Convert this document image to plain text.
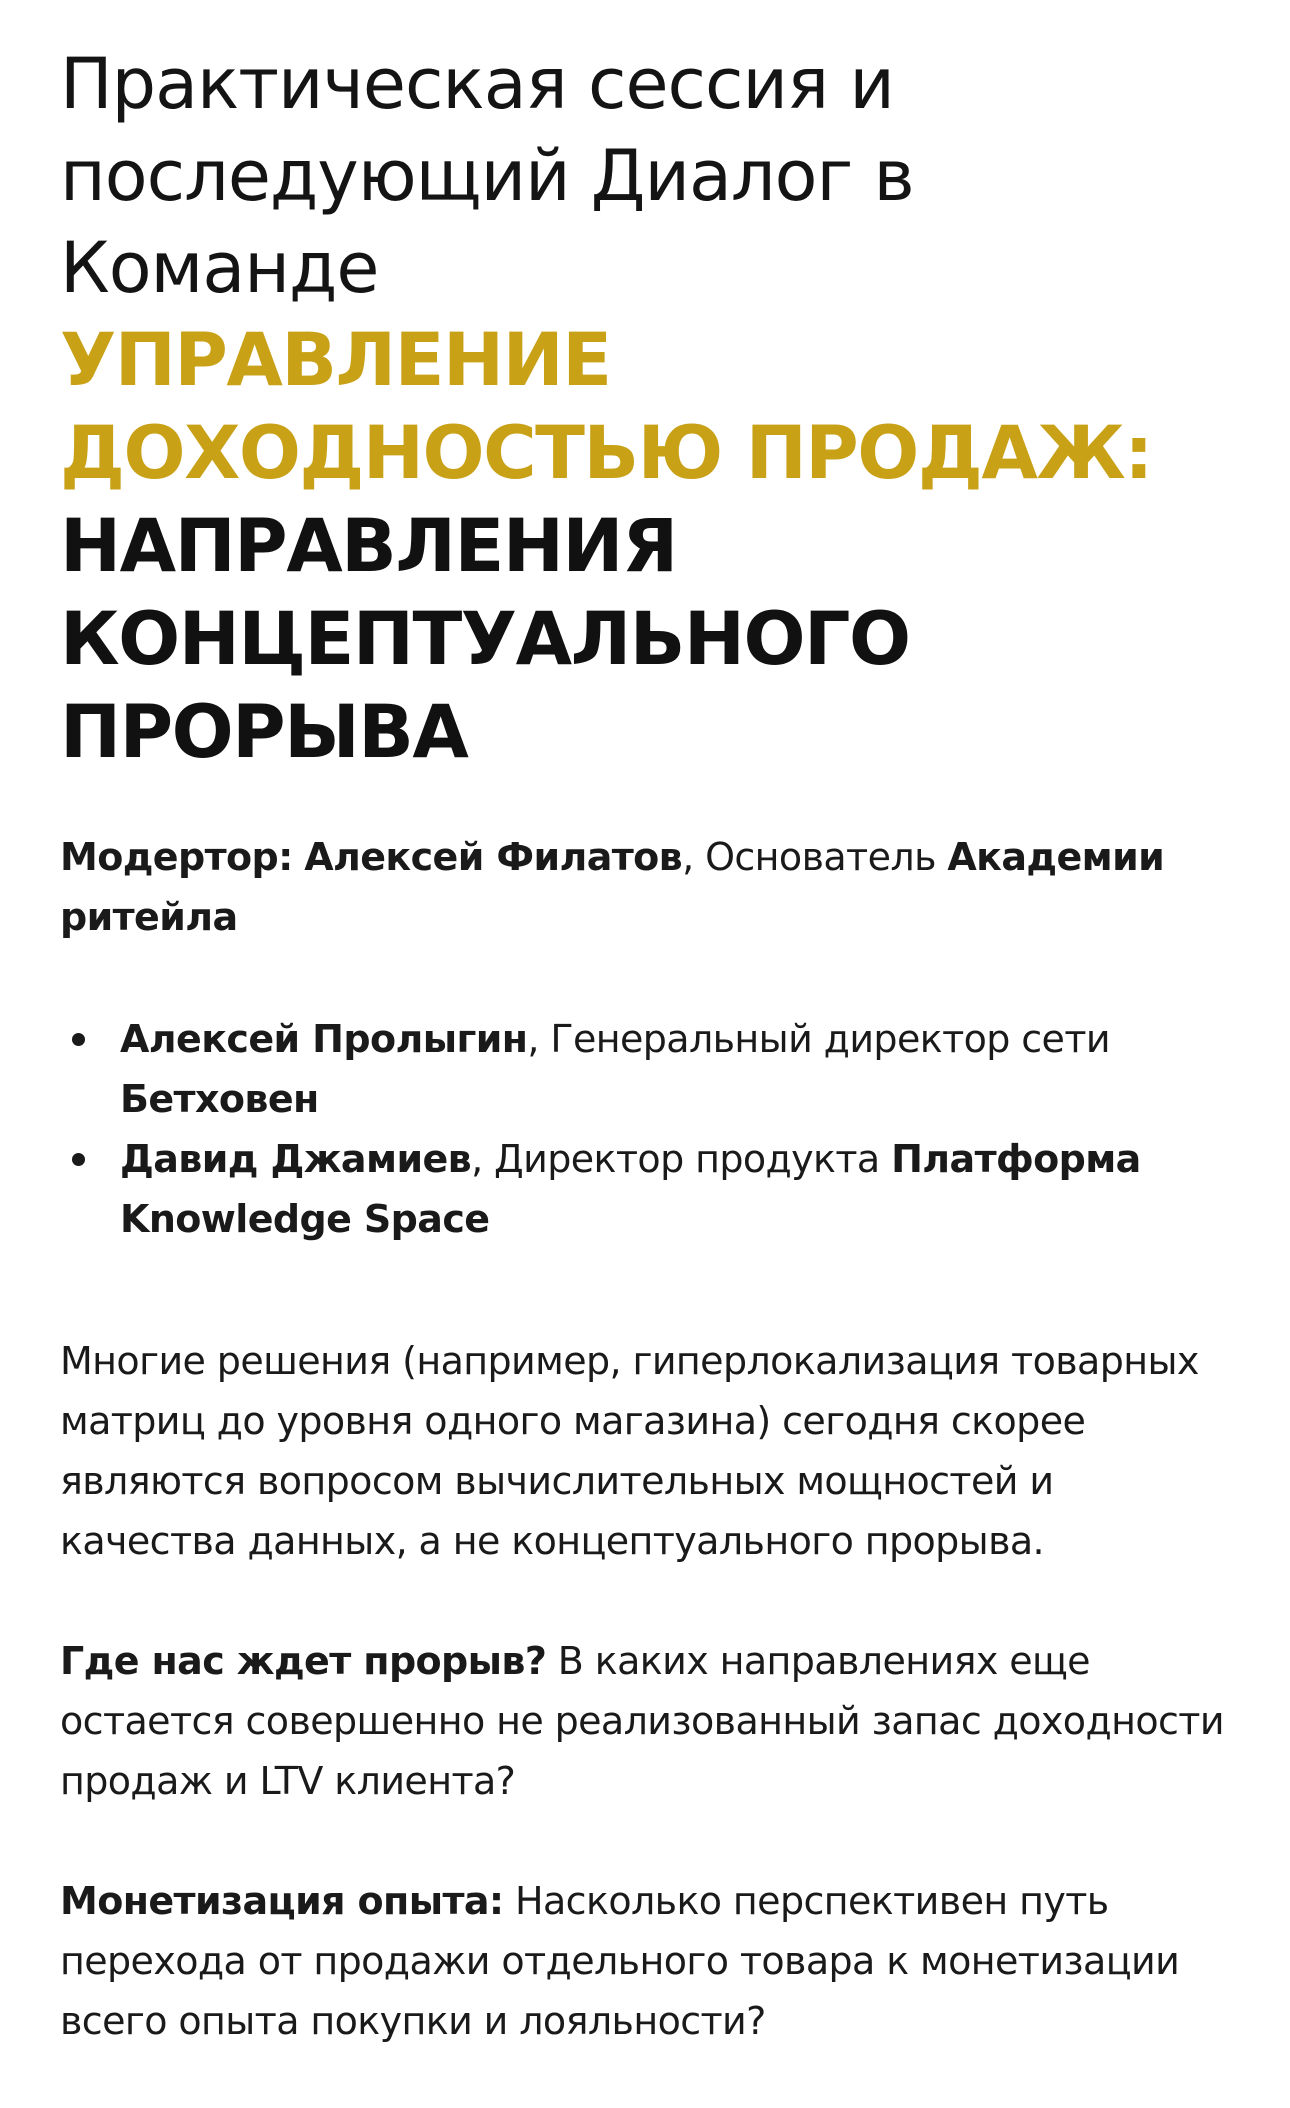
Практическая сессия и последующий Диалог в Команде
УПРАВЛЕНИЕ ДОХОДНОСТЬЮ ПРОДАЖ:
НАПРАВЛЕНИЯ КОНЦЕПТУАЛЬНОГО ПРОРЫВА

Модертор: Алексей Филатов, Основатель Академии ритейла

Алексей Пролыгин, Генеральный директор сети Бетховен
Давид Джамиев, Директор продукта Платформа Knowledge Space

Многие решения (например, гиперлокализация товарных матриц до уровня одного магазина) сегодня скорее являются вопросом вычислительных мощностей и качества данных, а не концептуального прорыва.

Где нас ждет прорыв? В каких направлениях еще остается совершенно не реализованный запас доходности продаж и LTV клиента?

Монетизация опыта: Насколько перспективен путь перехода от продажи отдельного товара к монетизации всего опыта покупки и лояльности?
